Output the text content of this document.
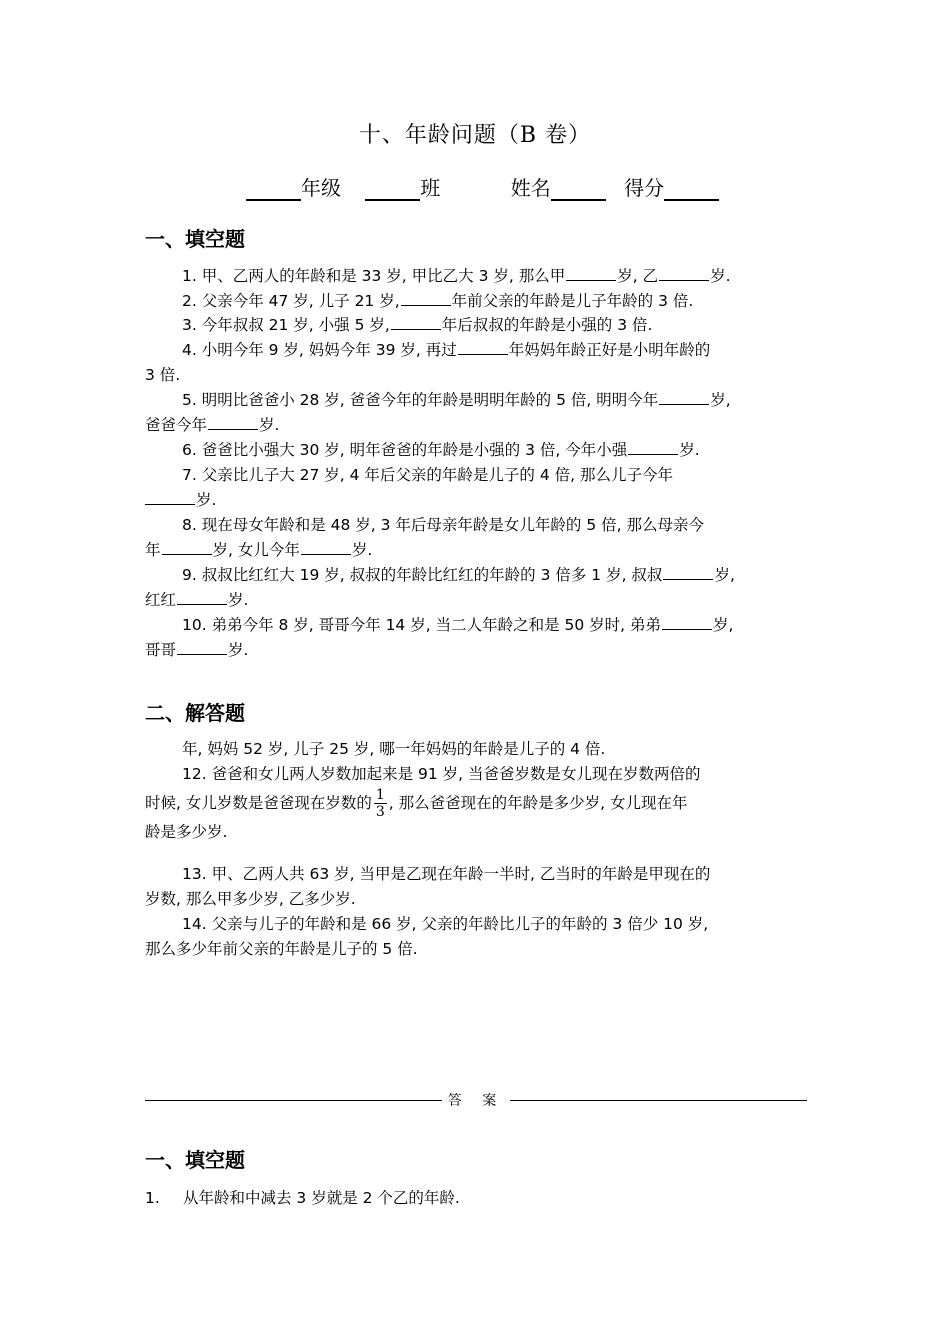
十、年龄问题（B 卷）
年级	班	姓名	得分
一、填空题
1. 甲、乙两人的年龄和是 33 岁, 甲比乙大 3 岁, 那么甲	岁, 乙	岁.
2. 父亲今年 47 岁, 儿子 21 岁,	年前父亲的年龄是儿子年龄的 3 倍.
3. 今年叔叔 21 岁, 小强 5 岁,	年后叔叔的年龄是小强的 3 倍.
4. 小明今年 9 岁, 妈妈今年 39 岁, 再过	年妈妈年龄正好是小明年龄的
3 倍.
5. 明明比爸爸小 28 岁, 爸爸今年的年龄是明明年龄的 5 倍, 明明今年	岁,
爸爸今年	岁.
6. 爸爸比小强大 30 岁, 明年爸爸的年龄是小强的 3 倍, 今年小强	岁.
7. 父亲比儿子大 27 岁, 4 年后父亲的年龄是儿子的 4 倍, 那么儿子今年
岁.
8. 现在母女年龄和是 48 岁, 3 年后母亲年龄是女儿年龄的 5 倍, 那么母亲今
年	岁, 女儿今年	岁.
9. 叔叔比红红大 19 岁, 叔叔的年龄比红红的年龄的 3 倍多 1 岁, 叔叔	岁,
红红	岁.
10. 弟弟今年 8 岁, 哥哥今年 14 岁, 当二人年龄之和是 50 岁时, 弟弟	岁,
哥哥	岁.
二、解答题
年, 妈妈 52 岁, 儿子 25 岁, 哪一年妈妈的年龄是儿子的 4 倍.
12. 爸爸和女儿两人岁数加起来是 91 岁, 当爸爸岁数是女儿现在岁数两倍的
时候, 女儿岁数是爸爸现在岁数的 $\frac{1}{3}$ , 那么爸爸现在的年龄是多少岁, 女儿现在年
龄是多少岁.
13. 甲、乙两人共 63 岁, 当甲是乙现在年龄一半时, 乙当时的年龄是甲现在的
岁数, 那么甲多少岁, 乙多少岁.
14. 父亲与儿子的年龄和是 66 岁, 父亲的年龄比儿子的年龄的 3 倍少 10 岁,
那么多少年前父亲的年龄是儿子的 5 倍.
答 案
一、填空题
1. 从年龄和中减去 3 岁就是 2 个乙的年龄.
